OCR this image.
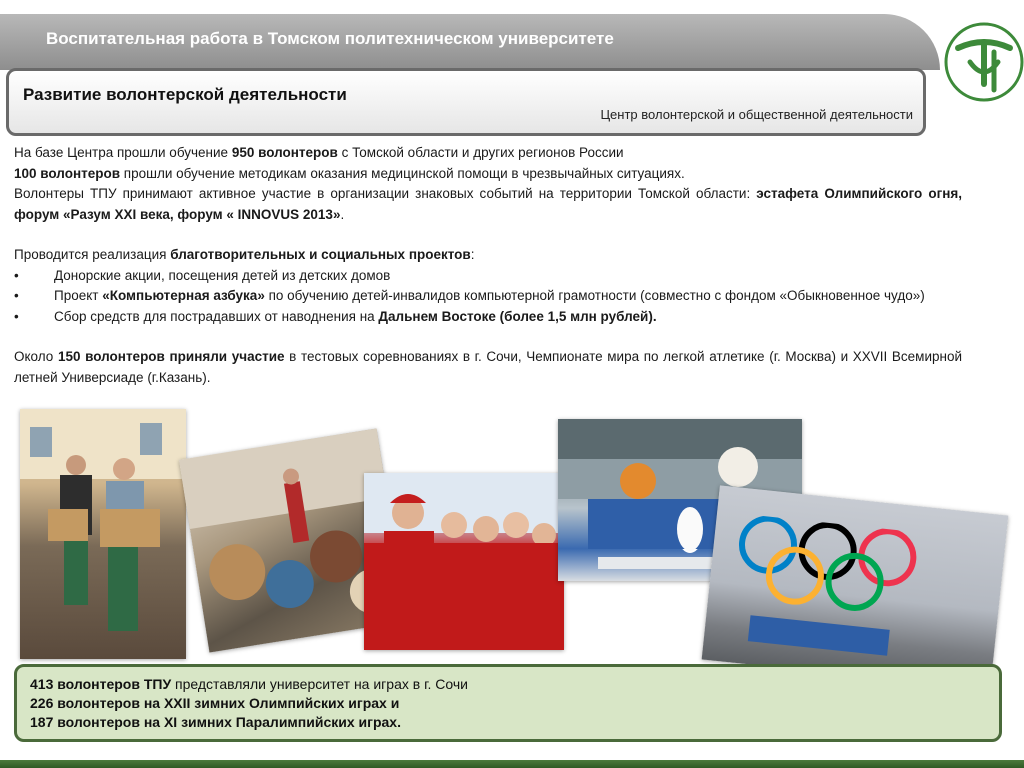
Воспитательная работа в Томском политехническом университете
Развитие волонтерской деятельности
Центр волонтерской и общественной деятельности

На базе Центра прошли обучение 950 волонтеров с Томской области и других регионов России

100 волонтеров прошли обучение методикам оказания медицинской помощи в чрезвычайных ситуациях.

Волонтеры ТПУ принимают активное участие в организации знаковых событий на территории Томской области: эстафета Олимпийского огня, форум «Разум XXI века, форум « INNOVUS 2013».

Проводится реализация благотворительных и социальных проектов:

• Донорские акции, посещения детей из детских домов
• Проект «Компьютерная азбука» по обучению детей-инвалидов компьютерной грамотности (совместно с фондом «Обыкновенное чудо»)
• Сбор средств для пострадавших от наводнения на Дальнем Востоке (более 1,5 млн рублей).

Около 150 волонтеров приняли участие в тестовых соревнованиях в г. Сочи, Чемпионате мира по легкой атлетике (г. Москва) и XXVII Всемирной летней Универсиаде (г.Казань).

413 волонтеров ТПУ представляли университет на играх в г. Сочи
226 волонтеров на XXII зимних Олимпийских играх и
187 волонтеров на XI зимних Паралимпийских играх.
